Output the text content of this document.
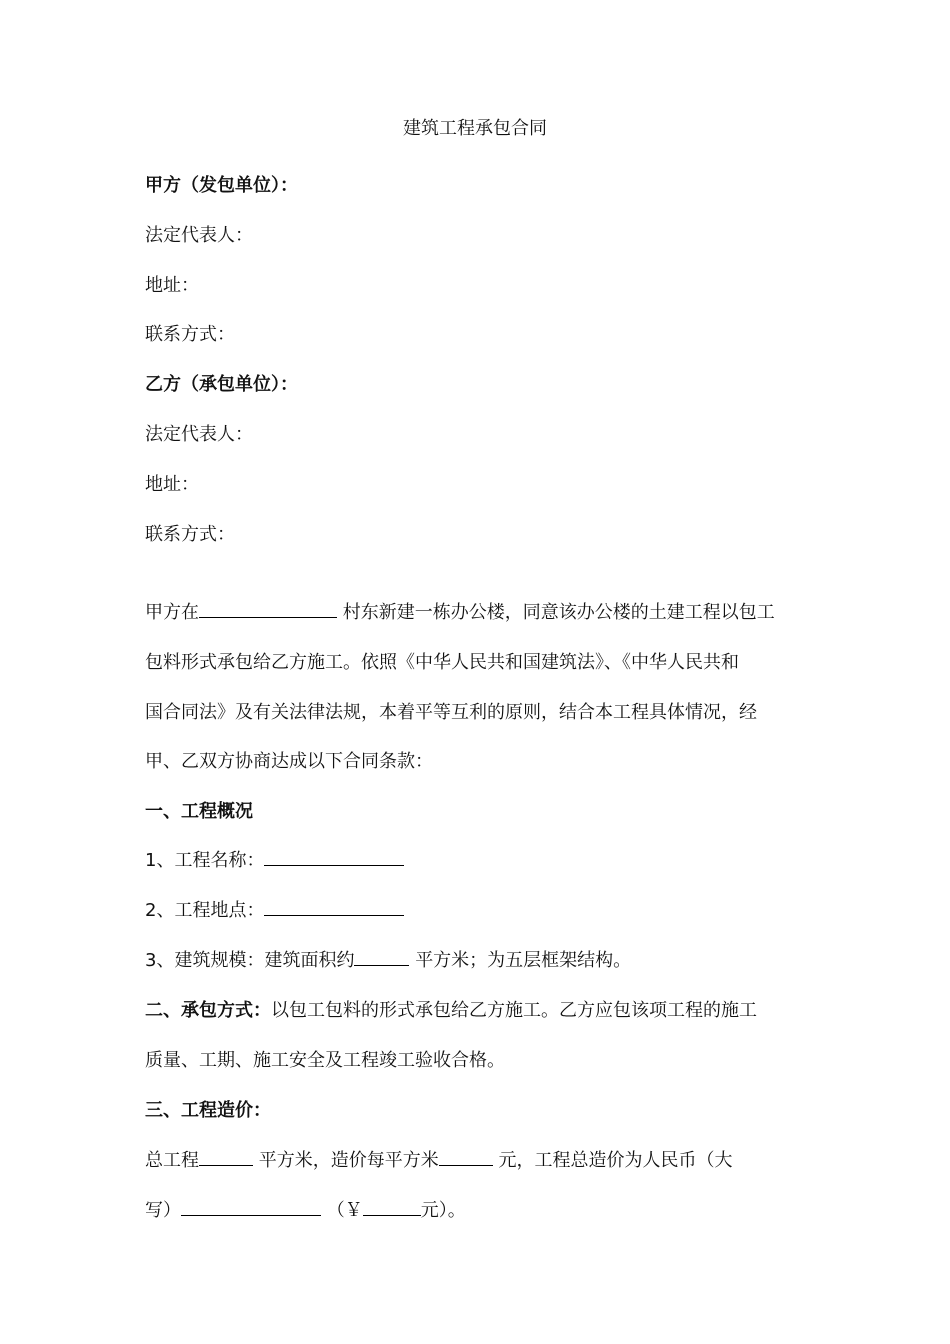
建筑工程承包合同
甲方（发包单位）：
法定代表人：
地址：
联系方式：
乙方（承包单位）：
法定代表人：
地址：
联系方式：
甲方在	村东新建一栋办公楼，同意该办公楼的土建工程以包工
包料形式承包给乙方施工。依照《中华人民共和国建筑法》、《中华人民共和
国合同法》及有关法律法规，本着平等互利的原则，结合本工程具体情况，经
甲、乙双方协商达成以下合同条款：
一、工程概况
1、工程名称：
2、工程地点：
3、建筑规模：建筑面积约	平方米；为五层框架结构。
二、承包方式：以包工包料的形式承包给乙方施工。乙方应包该项工程的施工
质量、工期、施工安全及工程竣工验收合格。
三、工程造价：
总工程	平方米，造价每平方米	元，工程总造价为人民币（大
写）	（￥	元）。
